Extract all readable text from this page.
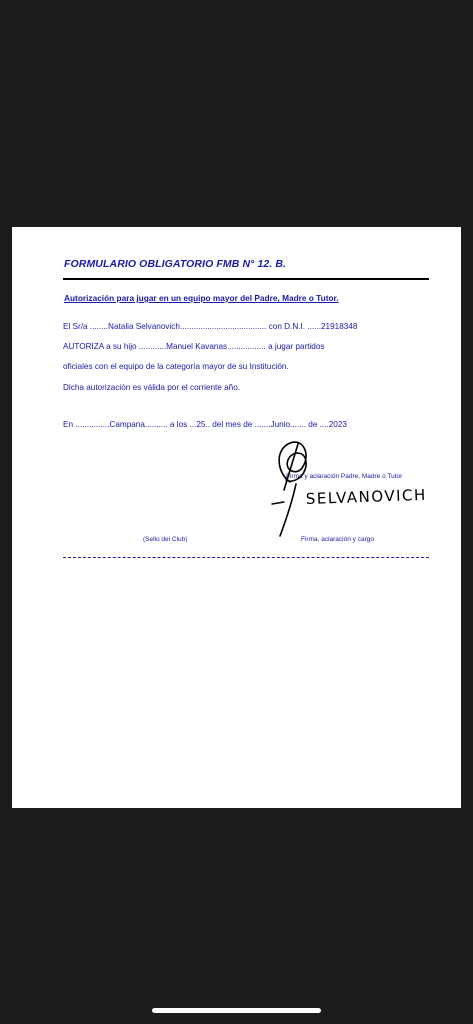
FORMULARIO OBLIGATORIO FMB N° 12. B.
Autorización para jugar en un equipo mayor del Padre, Madre o Tutor.
El Sr/a ........Natalia Selvanovich...................................... con D.N.I. ......21918348
AUTORIZA a su hijo ............Manuel Kavanas................. a jugar partidos
oficiales con el equipo de la categoría mayor de su Institución.
Dicha autorización es válida por el corriente año.
En ...............Campana.......... a los ...25.. del mes de .......Junio....... de ....2023
Firma y aclaración Padre, Madre o Tutor
SELVANOVICH
(Sello del Club)	Firma, aclaración y cargo
